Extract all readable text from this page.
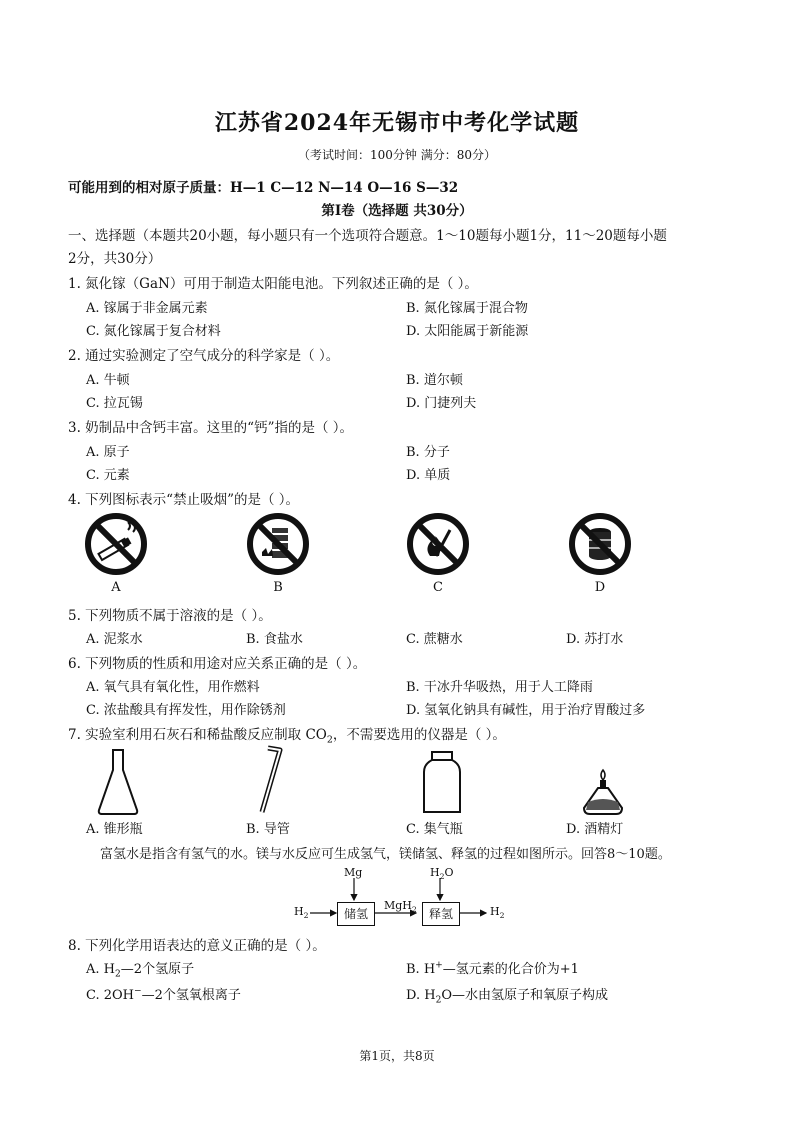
江苏省2024年无锡市中考化学试题
（考试时间：100分钟 满分：80分）
可能用到的相对原子质量：H—1 C—12 N—14 O—16 S—32
第Ⅰ卷（选择题 共30分）
一、选择题（本题共20小题，每小题只有一个选项符合题意。1～10题每小题1分，11～20题每小题
2分，共30分）
1. 氮化镓（GaN）可用于制造太阳能电池。下列叙述正确的是（ ）。
A. 镓属于非金属元素	B. 氮化镓属于混合物
C. 氮化镓属于复合材料	D. 太阳能属于新能源
2. 通过实验测定了空气成分的科学家是（ ）。
A. 牛顿	B. 道尔顿
C. 拉瓦锡	D. 门捷列夫
3. 奶制品中含钙丰富。这里的“钙”指的是（ ）。
A. 原子	B. 分子
C. 元素	D. 单质
4. 下列图标表示“禁止吸烟”的是（ ）。
A	B	C	D
5. 下列物质不属于溶液的是（ ）。
A. 泥浆水	B. 食盐水	C. 蔗糖水	D. 苏打水
6. 下列物质的性质和用途对应关系正确的是（ ）。
A. 氧气具有氧化性，用作燃料	B. 干冰升华吸热，用于人工降雨
C. 浓盐酸具有挥发性，用作除锈剂	D. 氢氧化钠具有碱性，用于治疗胃酸过多
7. 实验室利用石灰石和稀盐酸反应制取 $CO_2$，不需要选用的仪器是（ ）。
A. 锥形瓶	B. 导管	C. 集气瓶	D. 酒精灯
富氢水是指含有氢气的水。镁与水反应可生成氢气，镁储氢、释氢的过程如图所示。回答8～10题。
Mg	$H_2O$
$H_2$	储氢
MgH$_2$	释氢	$H_2$
8. 下列化学用语表达的意义正确的是（ ）。
A. $H_2—2$个氢原子	B. H+—氢元素的化合价为+1
C. 2OH−—2个氢氧根离子	D. $H_2O—$水由氢原子和氧原子构成
第1页，共8页
